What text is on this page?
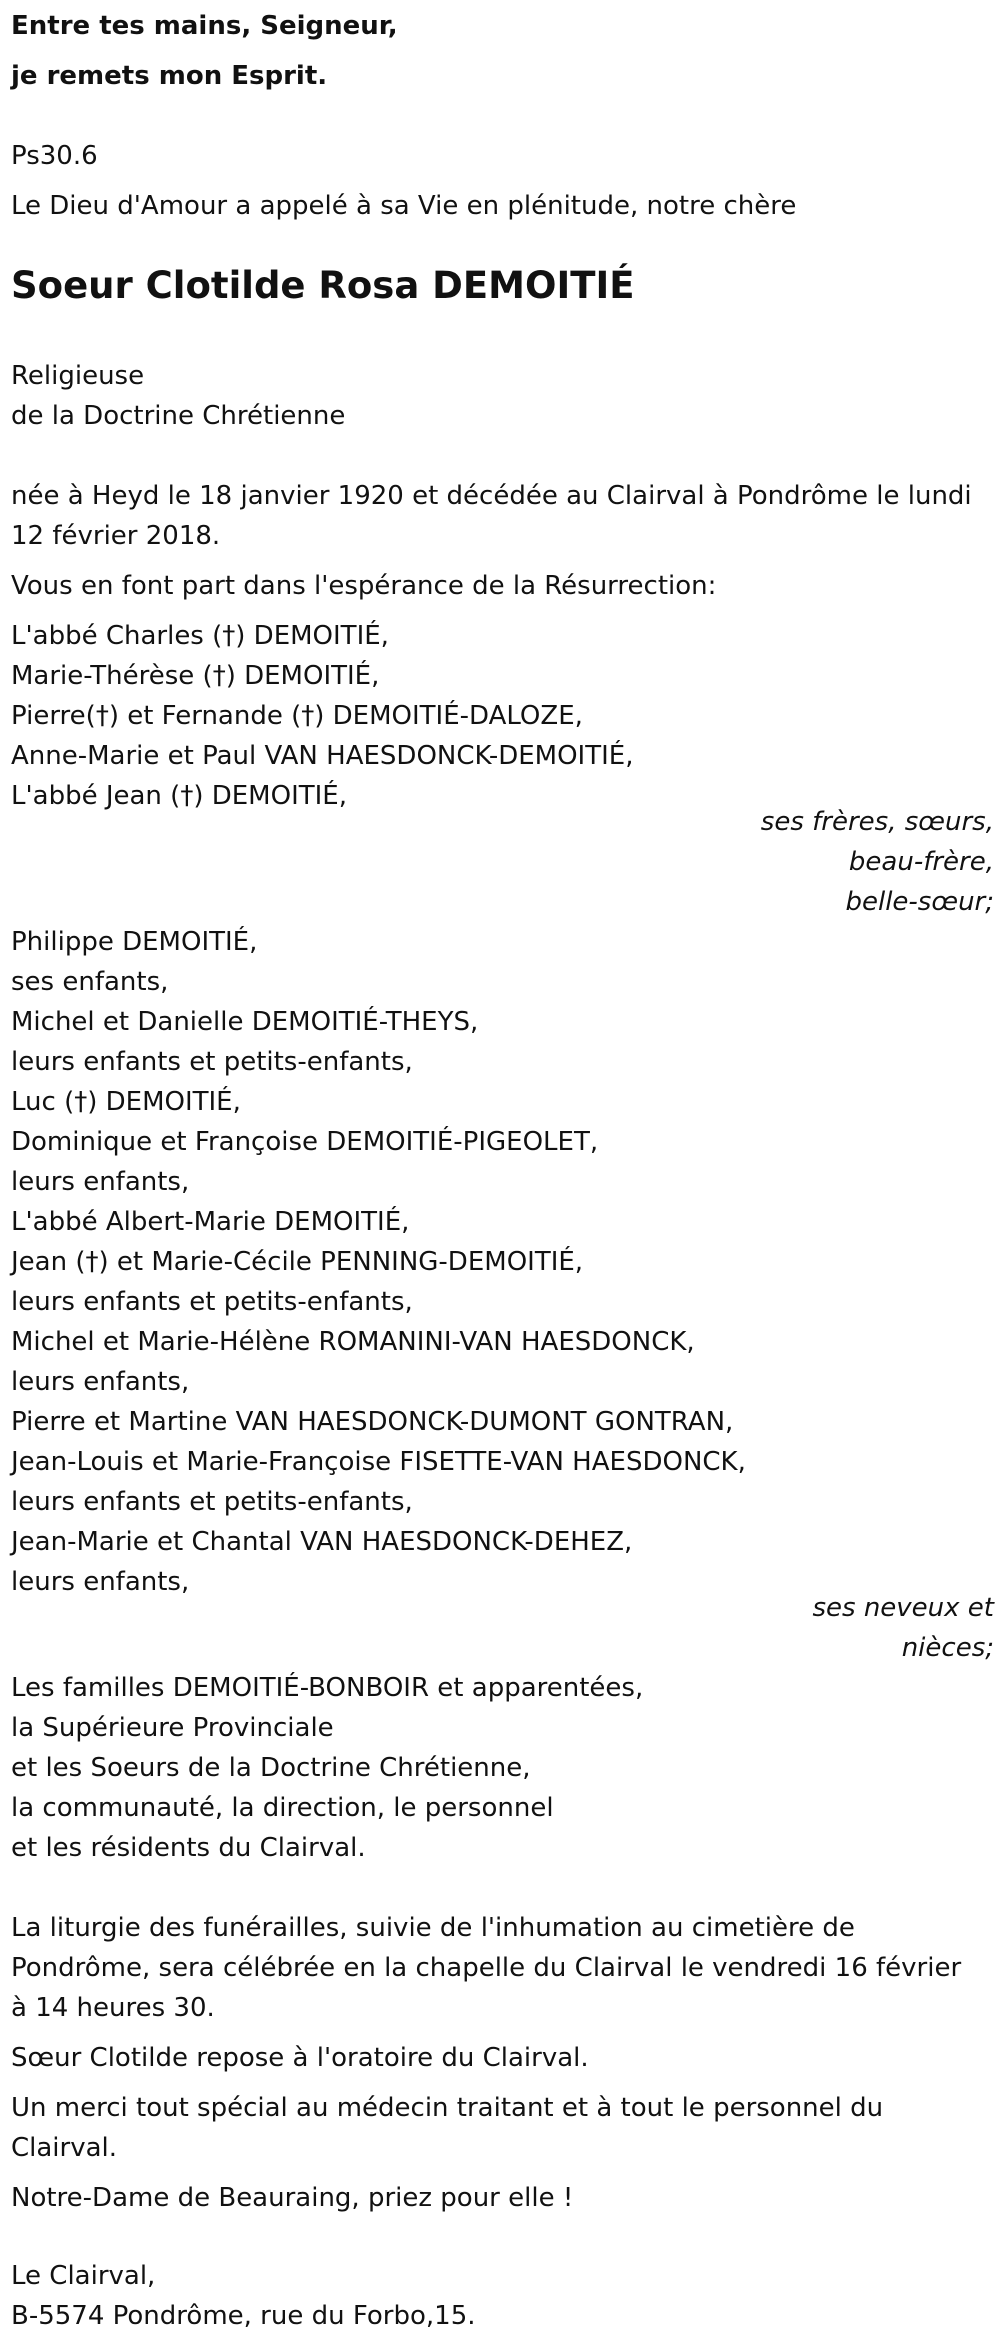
Entre tes mains, Seigneur,
je remets mon Esprit.
Ps30.6
Le Dieu d'Amour a appelé à sa Vie en plénitude, notre chère
Soeur Clotilde Rosa DEMOITIÉ
Religieuse
de la Doctrine Chrétienne
née à Heyd le 18 janvier 1920 et décédée au Clairval à Pondrôme le lundi
12 février 2018.
Vous en font part dans l'espérance de la Résurrection:
L'abbé Charles (†) DEMOITIÉ,
Marie-Thérèse (†) DEMOITIÉ,
Pierre(†) et Fernande (†) DEMOITIÉ-DALOZE,
Anne-Marie et Paul VAN HAESDONCK-DEMOITIÉ,
L'abbé Jean (†) DEMOITIÉ,
ses frères, sœurs,
beau-frère,
belle-sœur;
Philippe DEMOITIÉ,
ses enfants,
Michel et Danielle DEMOITIÉ-THEYS,
leurs enfants et petits-enfants,
Luc (†) DEMOITIÉ,
Dominique et Françoise DEMOITIÉ-PIGEOLET,
leurs enfants,
L'abbé Albert-Marie DEMOITIÉ,
Jean (†) et Marie-Cécile PENNING-DEMOITIÉ,
leurs enfants et petits-enfants,
Michel et Marie-Hélène ROMANINI-VAN HAESDONCK,
leurs enfants,
Pierre et Martine VAN HAESDONCK-DUMONT GONTRAN,
Jean-Louis et Marie-Françoise FISETTE-VAN HAESDONCK,
leurs enfants et petits-enfants,
Jean-Marie et Chantal VAN HAESDONCK-DEHEZ,
leurs enfants,
ses neveux et
nièces;
Les familles DEMOITIÉ-BONBOIR et apparentées,
la Supérieure Provinciale
et les Soeurs de la Doctrine Chrétienne,
la communauté, la direction, le personnel
et les résidents du Clairval.
La liturgie des funérailles, suivie de l'inhumation au cimetière de
Pondrôme, sera célébrée en la chapelle du Clairval le vendredi 16 février
à 14 heures 30.
Sœur Clotilde repose à l'oratoire du Clairval.
Un merci tout spécial au médecin traitant et à tout le personnel du
Clairval.
Notre-Dame de Beauraing, priez pour elle !
Le Clairval,
B-5574 Pondrôme, rue du Forbo,15.
